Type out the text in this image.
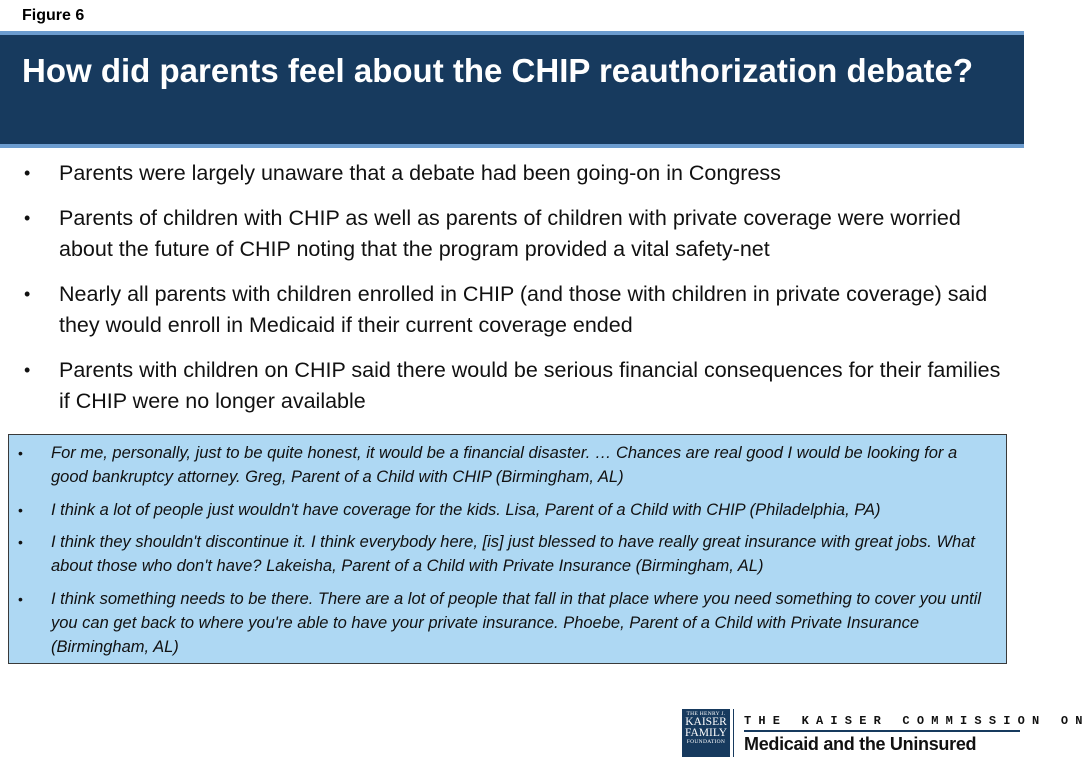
Figure 6
How did parents feel about the CHIP reauthorization debate?
• Parents were largely unaware that a debate had been going-on in Congress
• Parents of children with CHIP as well as parents of children with private coverage were worried about the future of CHIP noting that the program provided a vital safety-net
• Nearly all parents with children enrolled in CHIP (and those with children in private coverage) said they would enroll in Medicaid if their current coverage ended
• Parents with children on CHIP said there would be serious financial consequences for their families if CHIP were no longer available
• For me, personally, just to be quite honest, it would be a financial disaster. … Chances are real good I would be looking for a good bankruptcy attorney. Greg, Parent of a Child with CHIP (Birmingham, AL)
• I think a lot of people just wouldn't have coverage for the kids. Lisa, Parent of a Child with CHIP (Philadelphia, PA)
• I think they shouldn't discontinue it. I think everybody here, [is] just blessed to have really great insurance with great jobs. What about those who don't have? Lakeisha, Parent of a Child with Private Insurance (Birmingham, AL)
• I think something needs to be there. There are a lot of people that fall in that place where you need something to cover you until you can get back to where you're able to have your private insurance. Phoebe, Parent of a Child with Private Insurance (Birmingham, AL)
THE HENRY J.
KAISER
FAMILY
FOUNDATION
THE KAISER COMMISSION ON
Medicaid and the Uninsured
